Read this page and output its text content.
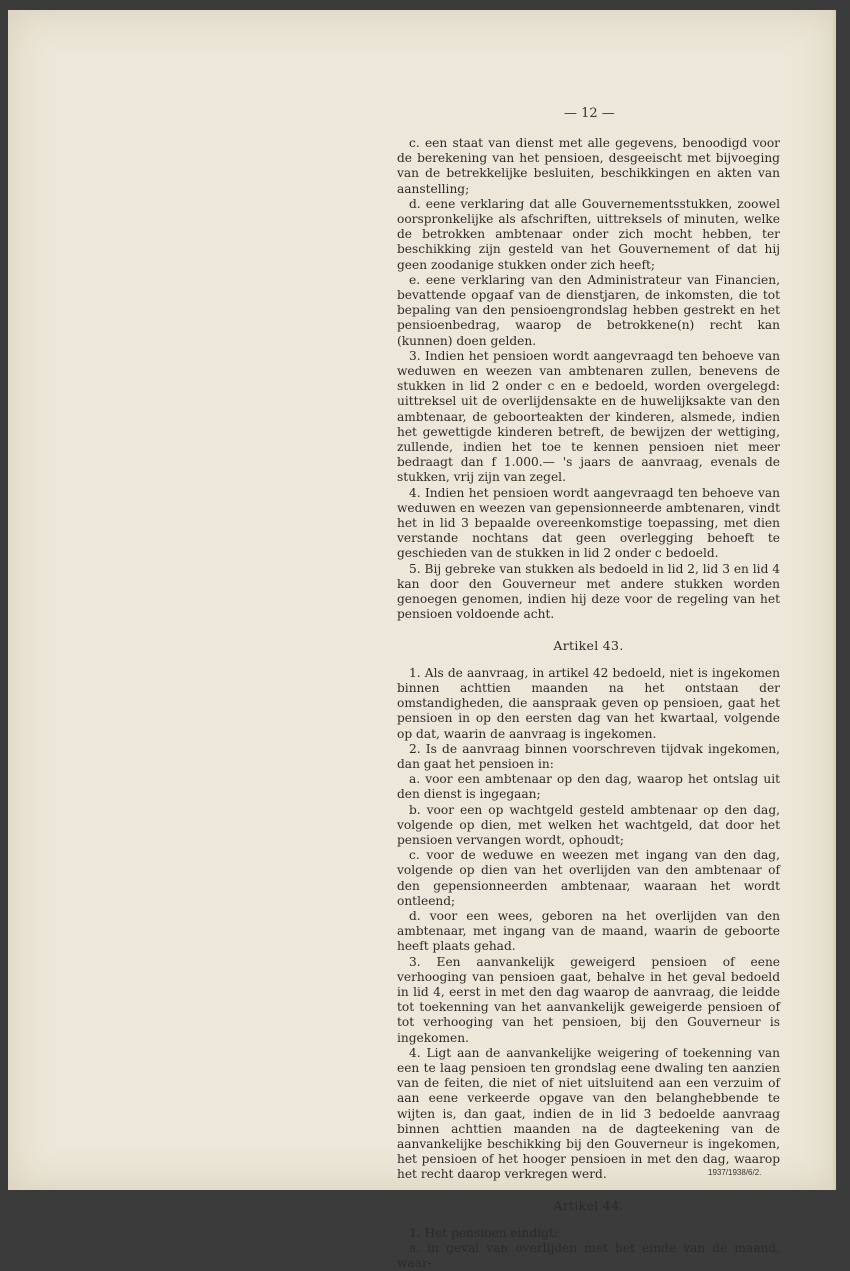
— 12 —

c. een staat van dienst met alle gegevens, benoodigd voor de berekening van het pensioen, desgeeischt met bijvoeging van de betrekkelijke besluiten, beschikkingen en akten van aanstelling;

d. eene verklaring dat alle Gouvernementsstukken, zoowel oorspronkelijke als afschriften, uittreksels of minuten, welke de betrokken ambtenaar onder zich mocht hebben, ter beschikking zijn gesteld van het Gouvernement of dat hij geen zoodanige stukken onder zich heeft;

e. eene verklaring van den Administrateur van Financien, bevattende opgaaf van de dienstjaren, de inkomsten, die tot bepaling van den pensioengrondslag hebben gestrekt en het pensioenbedrag, waarop de betrokkene(n) recht kan (kunnen) doen gelden.

3. Indien het pensioen wordt aangevraagd ten behoeve van weduwen en weezen van ambtenaren zullen, benevens de stukken in lid 2 onder c en e bedoeld, worden overgelegd: uittreksel uit de overlijdensakte en de huwelijksakte van den ambtenaar, de geboorteakten der kinderen, alsmede, indien het gewettigde kinderen betreft, de bewijzen der wettiging, zullende, indien het toe te kennen pensioen niet meer bedraagt dan f 1.000.— 's jaars de aanvraag, evenals de stukken, vrij zijn van zegel.

4. Indien het pensioen wordt aangevraagd ten behoeve van weduwen en weezen van gepensionneerde ambtenaren, vindt het in lid 3 bepaalde overeenkomstige toepassing, met dien verstande nochtans dat geen overlegging behoeft te geschieden van de stukken in lid 2 onder c bedoeld.

5. Bij gebreke van stukken als bedoeld in lid 2, lid 3 en lid 4 kan door den Gouverneur met andere stukken worden genoegen genomen, indien hij deze voor de regeling van het pensioen voldoende acht.

Artikel 43.

1. Als de aanvraag, in artikel 42 bedoeld, niet is ingekomen binnen achttien maanden na het ontstaan der omstandigheden, die aanspraak geven op pensioen, gaat het pensioen in op den eersten dag van het kwartaal, volgende op dat, waarin de aanvraag is ingekomen.

2. Is de aanvraag binnen voorschreven tijdvak ingekomen, dan gaat het pensioen in:

a. voor een ambtenaar op den dag, waarop het ontslag uit den dienst is ingegaan;

b. voor een op wachtgeld gesteld ambtenaar op den dag, volgende op dien, met welken het wachtgeld, dat door het pensioen vervangen wordt, ophoudt;

c. voor de weduwe en weezen met ingang van den dag, volgende op dien van het overlijden van den ambtenaar of den gepensionneerden ambtenaar, waaraan het wordt ontleend;

d. voor een wees, geboren na het overlijden van den ambtenaar, met ingang van de maand, waarin de geboorte heeft plaats gehad.

3. Een aanvankelijk geweigerd pensioen of eene verhooging van pensioen gaat, behalve in het geval bedoeld in lid 4, eerst in met den dag waarop de aanvraag, die leidde tot toekenning van het aanvankelijk geweigerde pensioen of tot verhooging van het pensioen, bij den Gouverneur is ingekomen.

4. Ligt aan de aanvankelijke weigering of toekenning van een te laag pensioen ten grondslag eene dwaling ten aanzien van de feiten, die niet of niet uitsluitend aan een verzuim of aan eene verkeerde opgave van den belanghebbende te wijten is, dan gaat, indien de in lid 3 bedoelde aanvraag binnen achttien maanden na de dagteekening van de aanvankelijke beschikking bij den Gouverneur is ingekomen, het pensioen of het hooger pensioen in met den dag, waarop het recht daarop verkregen werd.

Artikel 44.

1. Het pensioen eindigt:

a. in geval van overlijden met het einde van de maand, waar-

1937/1938/6/2.
